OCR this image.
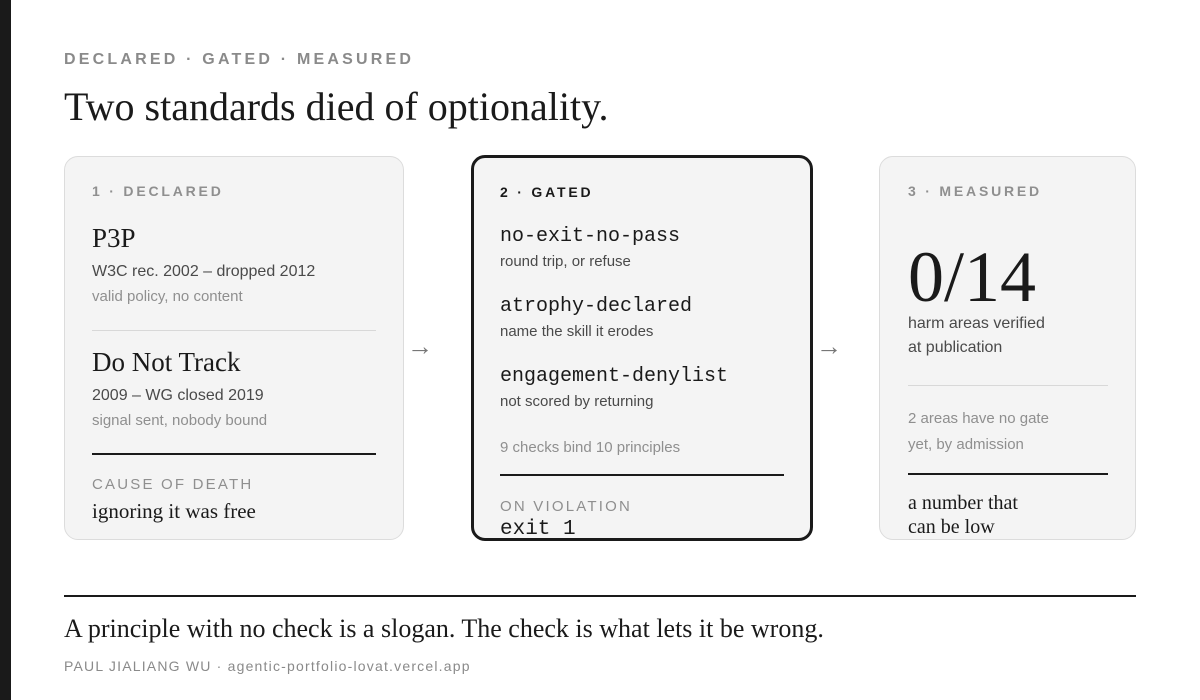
DECLARED · GATED · MEASURED
Two standards died of optionality.
1 · DECLARED
P3P
W3C rec. 2002 – dropped 2012
valid policy, no content
Do Not Track
2009 – WG closed 2019
signal sent, nobody bound
CAUSE OF DEATH
ignoring it was free
→
2 · GATED
no-exit-no-pass
round trip, or refuse
atrophy-declared
name the skill it erodes
engagement-denylist
not scored by returning
9 checks bind 10 principles
ON VIOLATION
exit 1
→
3 · MEASURED
0/14
harm areas verified
at publication
2 areas have no gate
yet, by admission
a number that
can be low
A principle with no check is a slogan. The check is what lets it be wrong.
PAUL JIALIANG WU · agentic-portfolio-lovat.vercel.app
